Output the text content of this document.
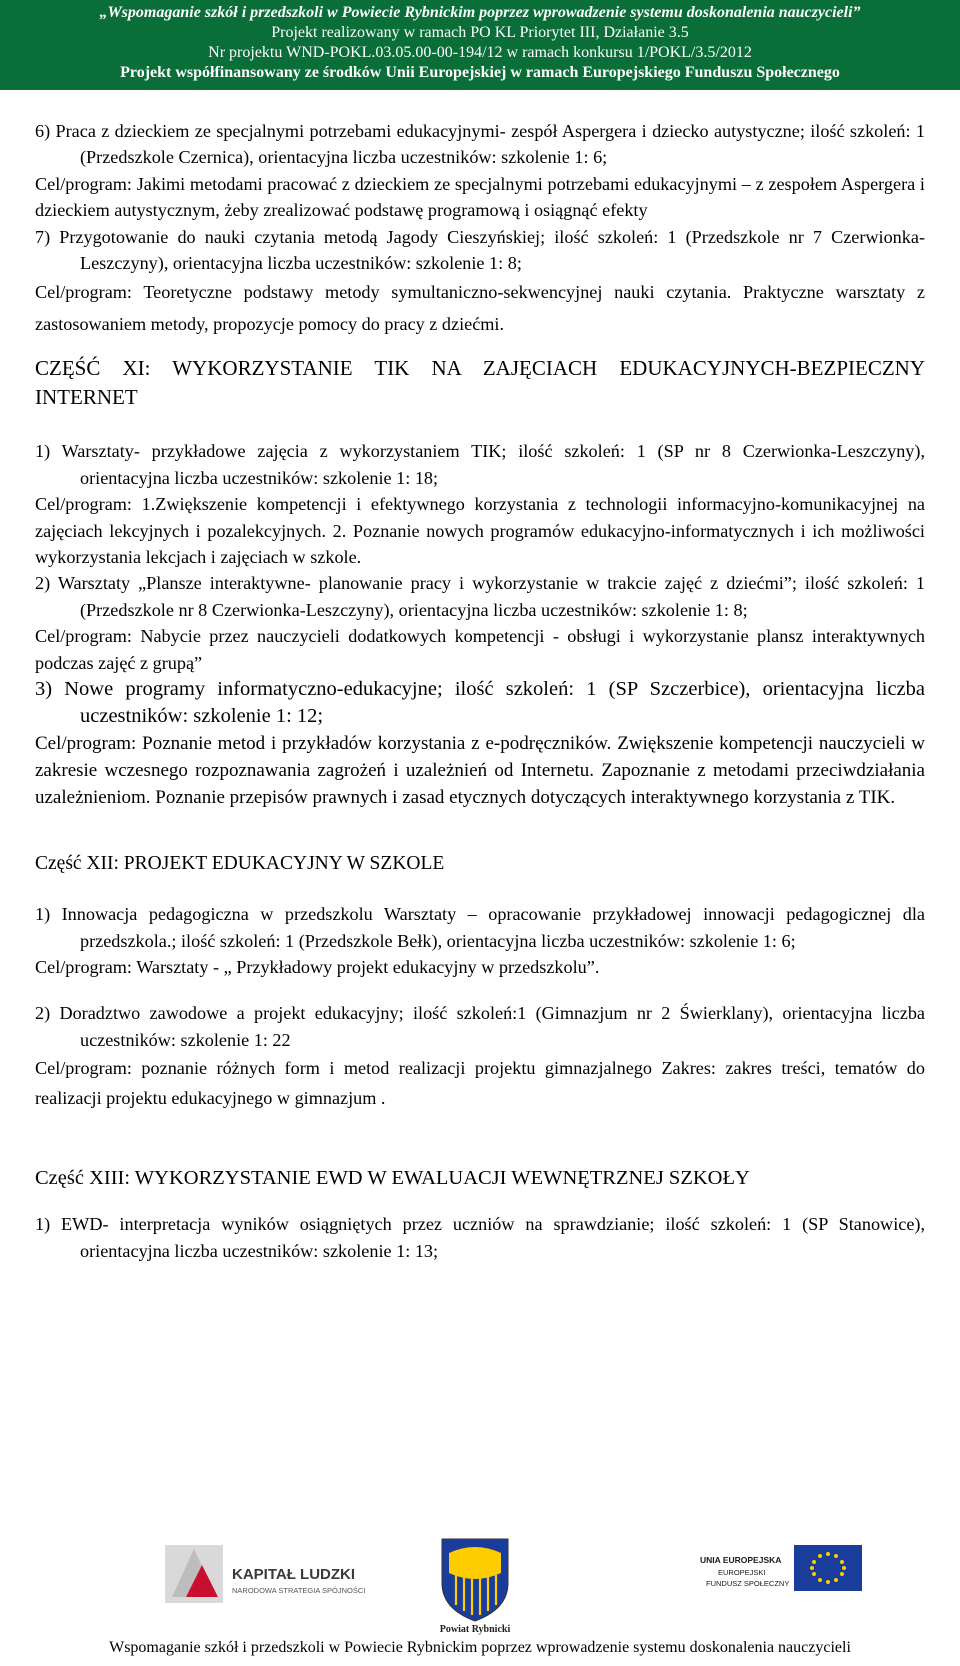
„Wspomaganie szkół i przedszkoli w Powiecie Rybnickim poprzez wprowadzenie systemu doskonalenia nauczycieli”
Projekt realizowany w ramach PO KL Priorytet III, Działanie 3.5
Nr projektu WND-POKL.03.05.00-00-194/12 w ramach konkursu 1/POKL/3.5/2012
Projekt współfinansowany ze środków Unii Europejskiej w ramach Europejskiego Funduszu Społecznego

6) Praca z dzieckiem ze specjalnymi potrzebami edukacyjnymi- zespół Aspergera i dziecko autystyczne; ilość szkoleń: 1 (Przedszkole Czernica), orientacyjna liczba uczestników: szkolenie 1: 6;

Cel/program: Jakimi metodami pracować z dzieckiem ze specjalnymi potrzebami edukacyjnymi – z zespołem Aspergera i dzieckiem autystycznym, żeby zrealizować podstawę programową i osiągnąć efekty

7) Przygotowanie do nauki czytania metodą Jagody Cieszyńskiej; ilość szkoleń: 1 (Przedszkole nr 7 Czerwionka-Leszczyny), orientacyjna liczba uczestników: szkolenie 1: 8;

Cel/program: Teoretyczne podstawy metody symultaniczno-sekwencyjnej nauki czytania. Praktyczne warsztaty z zastosowaniem metody, propozycje pomocy do pracy z dziećmi.

CZĘŚĆ XI: WYKORZYSTANIE TIK NA ZAJĘCIACH EDUKACYJNYCH-BEZPIECZNY INTERNET

1) Warsztaty- przykładowe zajęcia z wykorzystaniem TIK; ilość szkoleń: 1 (SP nr 8 Czerwionka-Leszczyny), orientacyjna liczba uczestników: szkolenie 1: 18;

Cel/program: 1.Zwiększenie kompetencji i efektywnego korzystania z technologii informacyjno-komunikacyjnej na zajęciach lekcyjnych i pozalekcyjnych. 2. Poznanie nowych programów edukacyjno-informatycznych i ich możliwości wykorzystania lekcjach i zajęciach w szkole.

2) Warsztaty „Plansze interaktywne- planowanie pracy i wykorzystanie w trakcie zajęć z dziećmi”; ilość szkoleń: 1 (Przedszkole nr 8 Czerwionka-Leszczyny), orientacyjna liczba uczestników: szkolenie 1: 8;

Cel/program: Nabycie przez nauczycieli dodatkowych kompetencji - obsługi i wykorzystanie plansz interaktywnych podczas zajęć z grupą”

3) Nowe programy informatyczno-edukacyjne; ilość szkoleń: 1 (SP Szczerbice), orientacyjna liczba uczestników: szkolenie 1: 12;

Cel/program: Poznanie metod i przykładów korzystania z e-podręczników. Zwiększenie kompetencji nauczycieli w zakresie wczesnego rozpoznawania zagrożeń i uzależnień od Internetu. Zapoznanie z metodami przeciwdziałania uzależnieniom. Poznanie przepisów prawnych i zasad etycznych dotyczących interaktywnego korzystania z TIK.

Część XII: PROJEKT EDUKACYJNY W SZKOLE

1) Innowacja pedagogiczna w przedszkolu Warsztaty – opracowanie przykładowej innowacji pedagogicznej dla przedszkola.; ilość szkoleń: 1 (Przedszkole Bełk), orientacyjna liczba uczestników: szkolenie 1: 6;

Cel/program: Warsztaty - „ Przykładowy projekt edukacyjny w przedszkolu”.

2) Doradztwo zawodowe a projekt edukacyjny; ilość szkoleń:1 (Gimnazjum nr 2 Świerklany), orientacyjna liczba uczestników: szkolenie 1: 22

Cel/program: poznanie różnych form i metod realizacji projektu gimnazjalnego Zakres: zakres treści, tematów do realizacji projektu edukacyjnego w gimnazjum .

Część XIII: WYKORZYSTANIE EWD W EWALUACJI WEWNĘTRZNEJ SZKOŁY

1) EWD- interpretacja wyników osiągniętych przez uczniów na sprawdzianie; ilość szkoleń: 1 (SP Stanowice), orientacyjna liczba uczestników: szkolenie 1: 13;

KAPITAŁ LUDZKI
NARODOWA STRATEGIA SPÓJNOŚCI
Powiat Rybnicki
UNIA EUROPEJSKA
EUROPEJSKI
FUNDUSZ SPOŁECZNY
Wspomaganie szkół i przedszkoli w Powiecie Rybnickim poprzez wprowadzenie systemu doskonalenia nauczycieli
